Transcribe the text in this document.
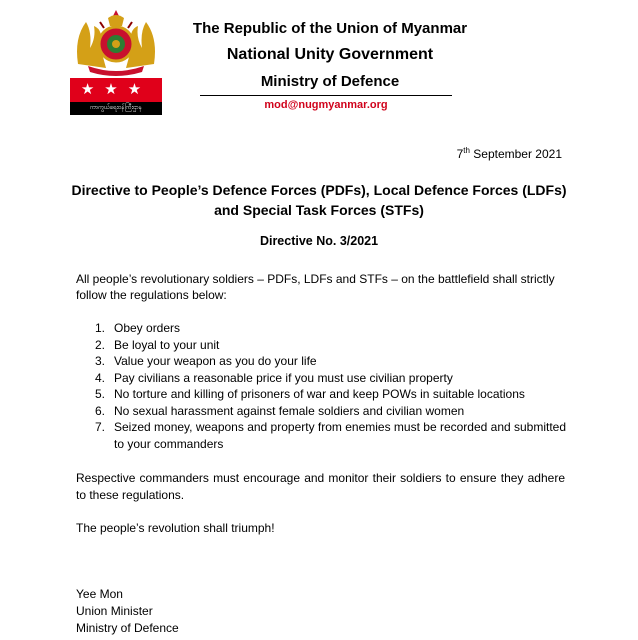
★★★
ကာကွယ်ရေးဝန်ကြီးဌာန
The Republic of the Union of Myanmar
National Unity Government
Ministry of Defence
mod@nugmyanmar.org
7th September 2021
Directive to People’s Defence Forces (PDFs), Local Defence Forces (LDFs) and Special Task Forces (STFs)
Directive No. 3/2021
All people’s revolutionary soldiers – PDFs, LDFs and STFs – on the battlefield shall strictly follow the regulations below:
1. Obey orders
2. Be loyal to your unit
3. Value your weapon as you do your life
4. Pay civilians a reasonable price if you must use civilian property
5. No torture and killing of prisoners of war and keep POWs in suitable locations
6. No sexual harassment against female soldiers and civilian women
7. Seized money, weapons and property from enemies must be recorded and submitted to your commanders
Respective commanders must encourage and monitor their soldiers to ensure they adhere to these regulations.
The people’s revolution shall triumph!
Yee Mon
Union Minister
Ministry of Defence
